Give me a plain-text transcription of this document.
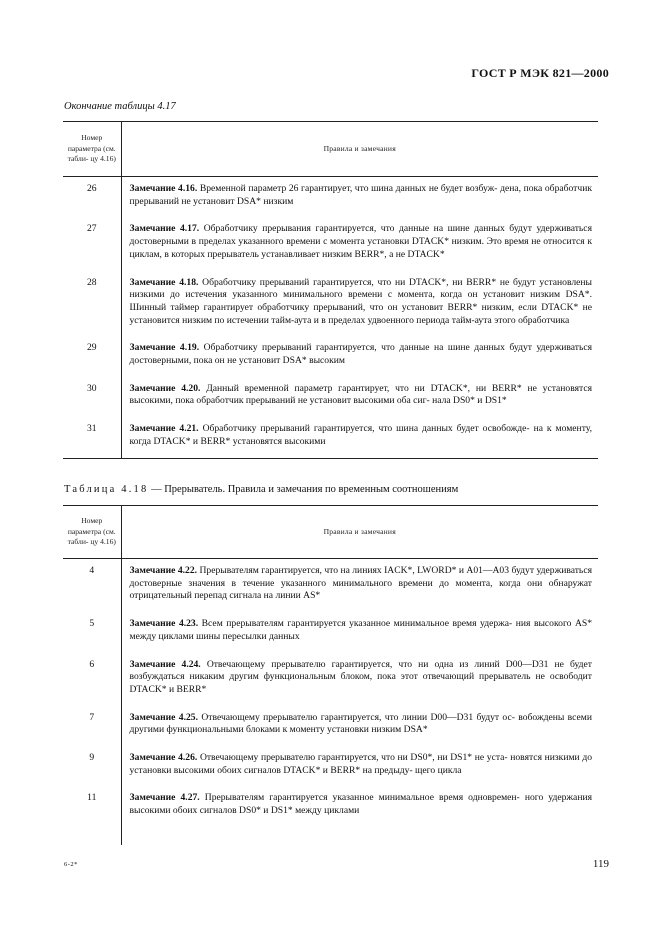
ГОСТ Р МЭК 821—2000
Окончание таблицы 4.17
Номер параметра (см. табли- цу 4.16)	Правила и замечания
26	Замечание 4.16. Временной параметр 26 гарантирует, что шина данных не будет возбуж- дена, пока обработчик прерываний не установит DSA* низким
27	Замечание 4.17. Обработчику прерывания гарантируется, что данные на шине данных будут удерживаться достоверными в пределах указанного времени с момента установки DTACK* низким. Это время не относится к циклам, в которых прерыватель устанавливает низким BERR*, а не DTACK*
28	Замечание 4.18. Обработчику прерываний гарантируется, что ни DTACK*, ни BERR* не будут установлены низкими до истечения указанного минимального времени с момента, когда он установит низким DSA*. Шинный таймер гарантирует обработчику прерываний, что он установит BERR* низким, если DTACK* не установится низким по истечении тайм-аута и в пределах удвоенного периода тайм-аута этого обработчика
29	Замечание 4.19. Обработчику прерываний гарантируется, что данные на шине данных будут удерживаться достоверными, пока он не установит DSA* высоким
30	Замечание 4.20. Данный временной параметр гарантирует, что ни DTACK*, ни BERR* не установятся высокими, пока обработчик прерываний не установит высокими оба сиг- нала DS0* и DS1*
31	Замечание 4.21. Обработчику прерываний гарантируется, что шина данных будет освобожде- на к моменту, когда DTACK* и BERR* установятся высокими
Таблица 4.18 — Прерыватель. Правила и замечания по временным соотношениям
Номер параметра (см. табли- цу 4.16)	Правила и замечания
4	Замечание 4.22. Прерывателям гарантируется, что на линиях IACK*, LWORD* и A01—A03 будут удерживаться достоверные значения в течение указанного минимального времени до момента, когда они обнаружат отрицательный перепад сигнала на линии AS*
5	Замечание 4.23. Всем прерывателям гарантируется указанное минимальное время удержа- ния высокого AS* между циклами шины пересылки данных
6	Замечание 4.24. Отвечающему прерывателю гарантируется, что ни одна из линий D00—D31 не будет возбуждаться никаким другим функциональным блоком, пока этот отвечающий прерыватель не освободит DTACK* и BERR*
7	Замечание 4.25. Отвечающему прерывателю гарантируется, что линии D00—D31 будут ос- вобождены всеми другими функциональными блоками к моменту установки низким DSA*
9	Замечание 4.26. Отвечающему прерывателю гарантируется, что ни DS0*, ни DS1* не уста- новятся низкими до установки высокими обоих сигналов DTACK* и BERR* на предыду- щего цикла
11	Замечание 4.27. Прерывателям гарантируется указанное минимальное время одновремен- ного удержания высокими обоих сигналов DS0* и DS1* между циклами

6-2*	119
